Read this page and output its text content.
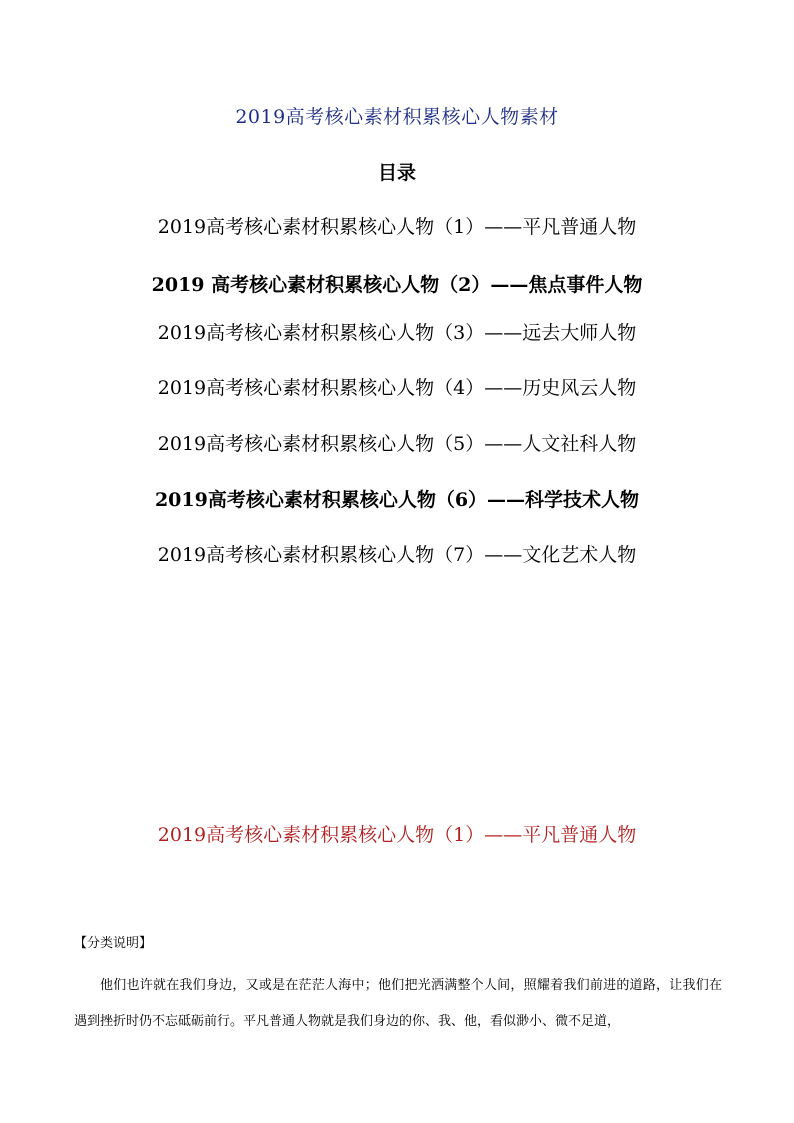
2019高考核心素材积累核心人物素材
目录
2019高考核心素材积累核心人物（1）——平凡普通人物
2019 高考核心素材积累核心人物（2）——焦点事件人物
2019高考核心素材积累核心人物（3）——远去大师人物
2019高考核心素材积累核心人物（4）——历史风云人物
2019高考核心素材积累核心人物（5）——人文社科人物
2019高考核心素材积累核心人物（6）——科学技术人物
2019高考核心素材积累核心人物（7）——文化艺术人物
2019高考核心素材积累核心人物（1）——平凡普通人物
【分类说明】
他们也许就在我们身边，又或是在茫茫人海中；他们把光洒满整个人间，照耀着我们前进的道路，让我们在遇到挫折时仍不忘砥砺前行。平凡普通人物就是我们身边的你、我、他，看似渺小、微不足道，
